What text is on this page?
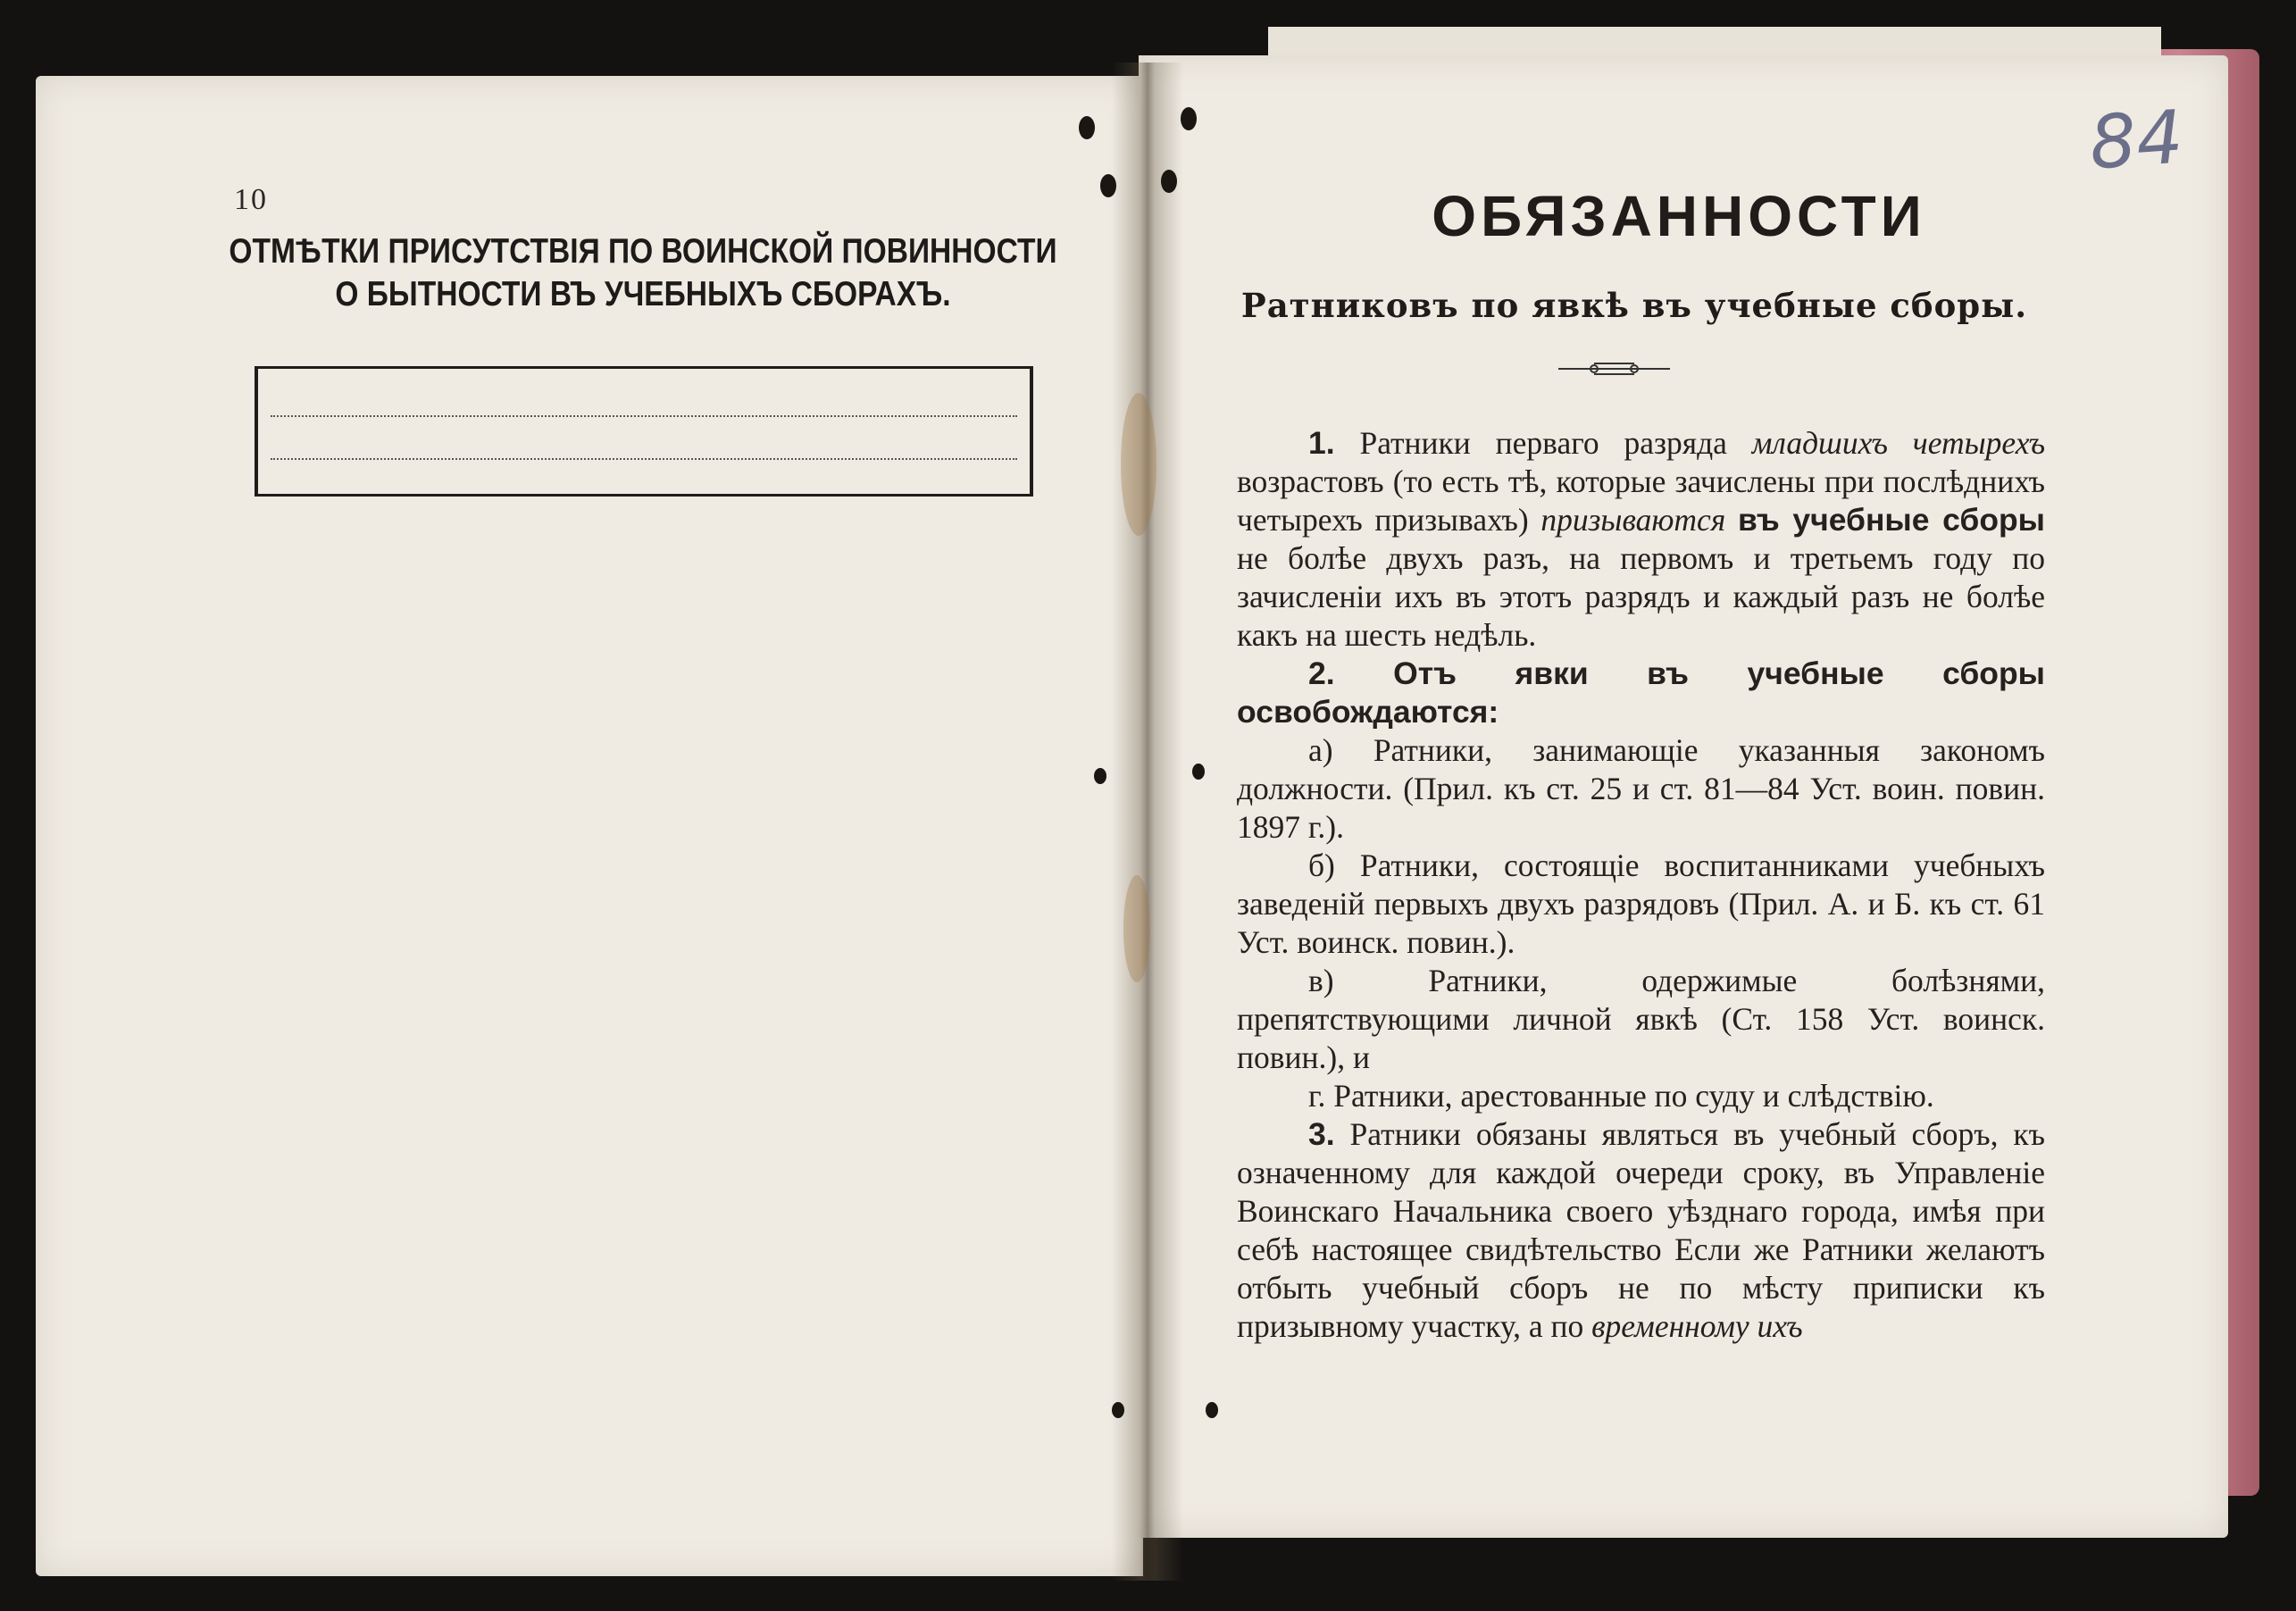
10
ОТМѢТКИ ПРИСУТСТВІЯ ПО ВОИНСКОЙ ПОВИННОСТИ
О БЫТНОСТИ ВЪ УЧЕБНЫХЪ СБОРАХЪ.
84
ОБЯЗАННОСТИ
Ратниковъ по явкѣ въ учебные сборы.

1. Ратники перваго разряда младшихъ четырехъ возрастовъ (то есть тѣ, которые зачислены при послѣднихъ четырехъ призывахъ) призываются въ учебные сборы не болѣе двухъ разъ, на первомъ и третьемъ году по зачисленіи ихъ въ этотъ разрядъ и каждый разъ не болѣе какъ на шесть недѣль.

2. Отъ явки въ учебные сборы освобождаются:

а) Ратники, занимающіе указанныя закономъ должности. (Прил. къ ст. 25 и ст. 81—84 Уст. воин. повин. 1897 г.).

б) Ратники, состоящіе воспитанниками учебныхъ заведеній первыхъ двухъ разрядовъ (Прил. А. и Б. къ ст. 61 Уст. воинск. повин.).

в) Ратники, одержимые болѣзнями, препятствующими личной явкѣ (Ст. 158 Уст. воинск. повин.), и

г. Ратники, арестованные по суду и слѣдствію.

3. Ратники обязаны являться въ учебный сборъ, къ означенному для каждой очереди сроку, въ Управленіе Воинскаго Начальника своего уѣзднаго города, имѣя при себѣ настоящее свидѣтельство Если же Ратники желаютъ отбыть учебный сборъ не по мѣсту приписки къ призывному участку, а по временному ихъ
